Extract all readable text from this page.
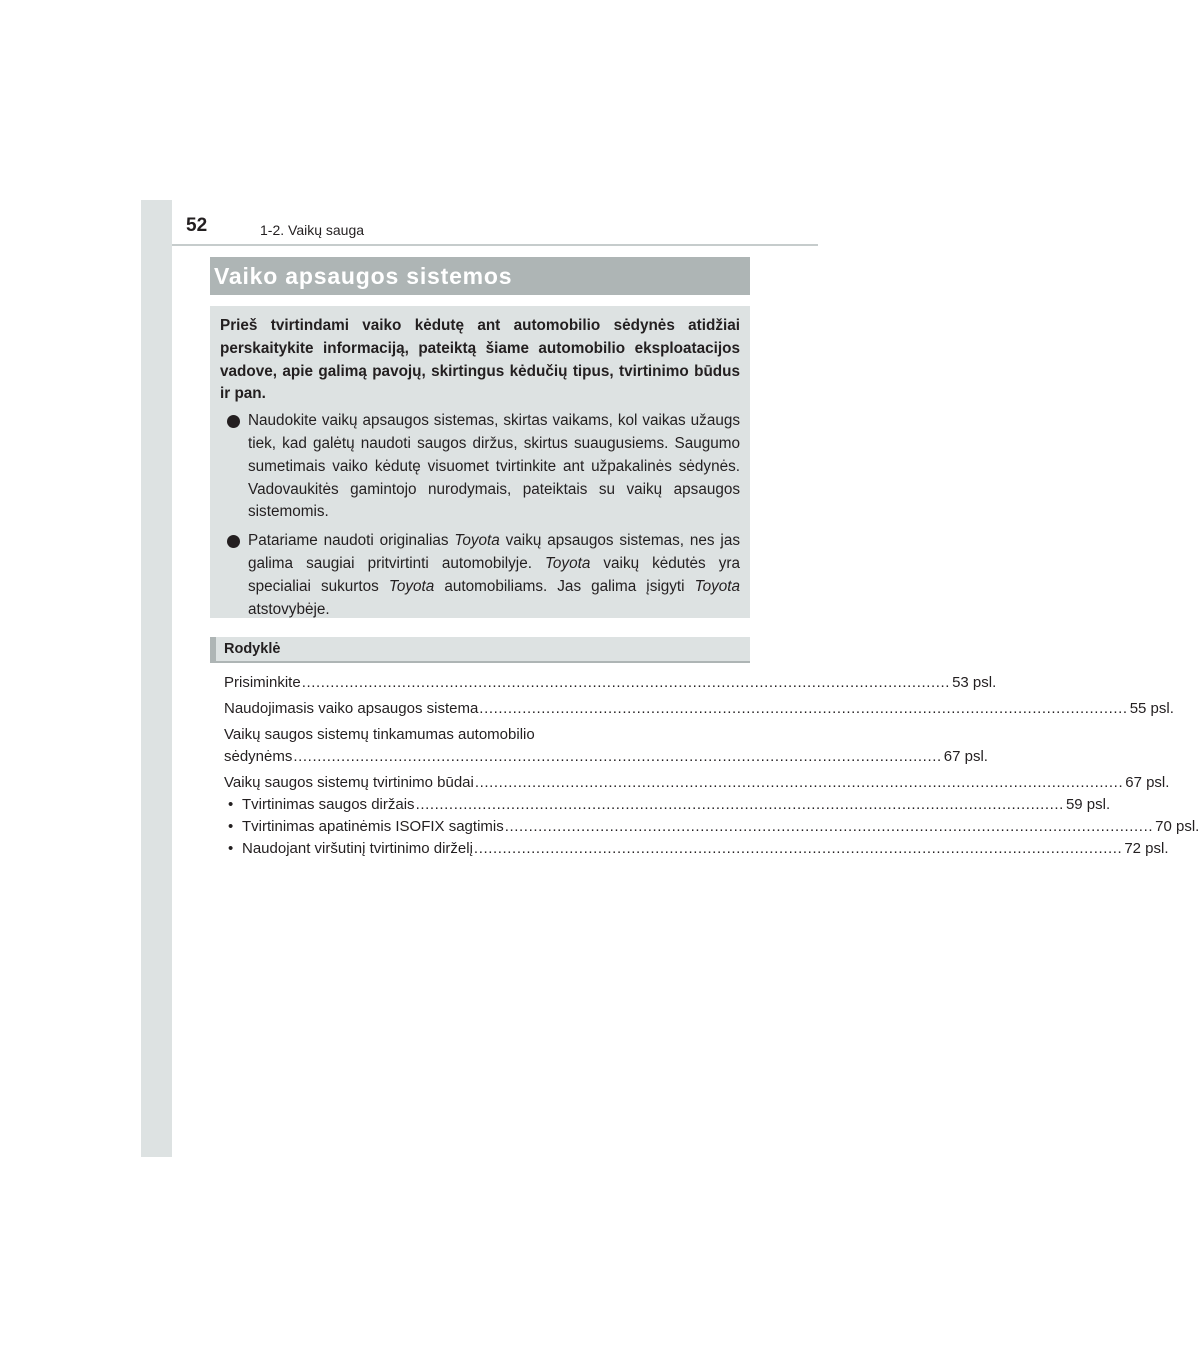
52	1-2. Vaikų sauga
Vaiko apsaugos sistemos

Prieš tvirtindami vaiko kėdutę ant automobilio sėdynės atidžiai perskaitykite informaciją, pateiktą šiame automobilio eksploatacijos vadove, apie galimą pavojų, skirtingus kėdučių tipus, tvirtinimo būdus ir pan.

Naudokite vaikų apsaugos sistemas, skirtas vaikams, kol vaikas užaugs tiek, kad galėtų naudoti saugos diržus, skirtus suaugusiems. Saugumo sumetimais vaiko kėdutę visuomet tvirtinkite ant užpakalinės sėdynės. Vadovaukitės gamintojo nurodymais, pateiktais su vaikų apsaugos sistemomis.

Patariame naudoti originalias Toyota vaikų apsaugos sistemas, nes jas galima saugiai pritvirtinti automobilyje. Toyota vaikų kėdutės yra specialiai sukurtos Toyota automobiliams. Jas galima įsigyti Toyota atstovybėje.

Rodyklė
Prisiminkite ........................................................................................................................................ 53 psl.
Naudojimasis vaiko apsaugos sistema ........................................................................................................................................ 55 psl.
Vaikų saugos sistemų tinkamumas automobilio
sėdynėms ........................................................................................................................................ 67 psl.
Vaikų saugos sistemų tvirtinimo būdai ........................................................................................................................................ 67 psl.
• Tvirtinimas saugos diržais ........................................................................................................................................ 59 psl.
• Tvirtinimas apatinėmis ISOFIX sagtimis ........................................................................................................................................ 70 psl.
• Naudojant viršutinį tvirtinimo dirželį ........................................................................................................................................ 72 psl.
